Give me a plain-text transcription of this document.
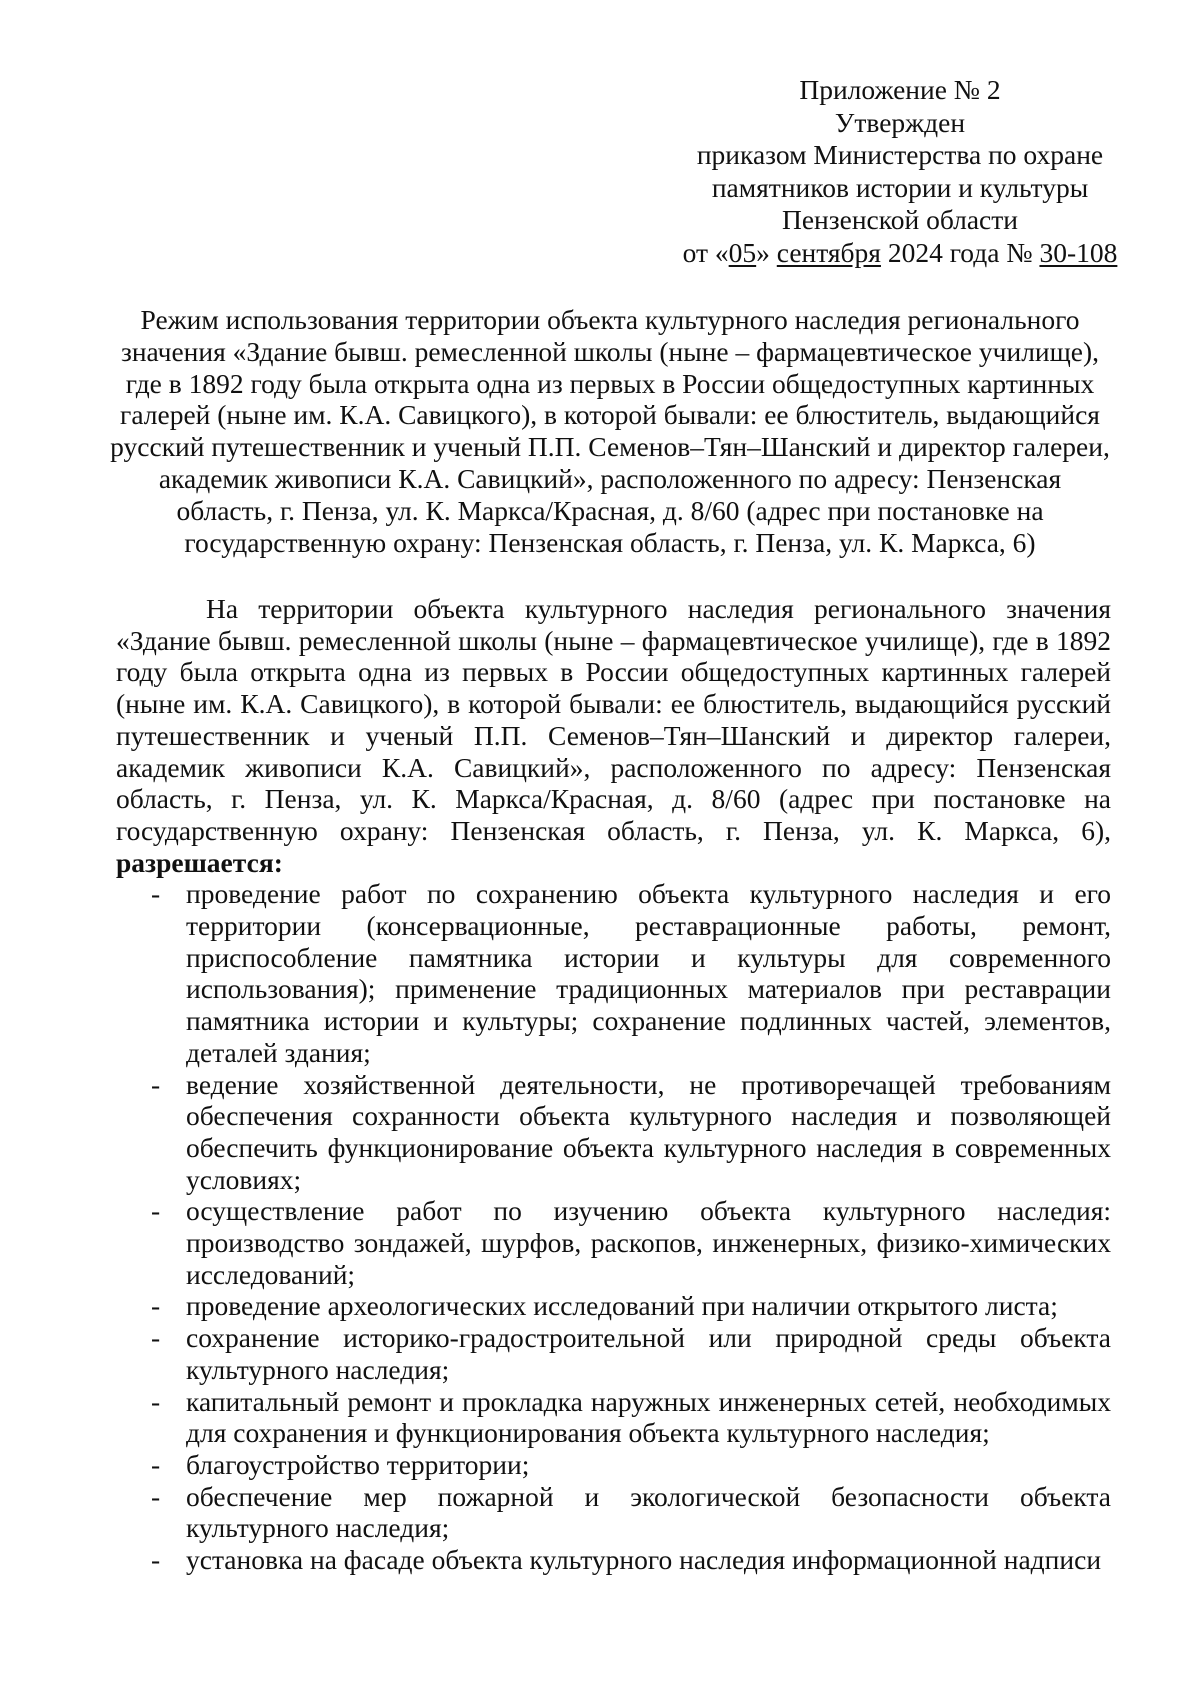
Приложение № 2
Утвержден
приказом Министерства по охране
памятников истории и культуры
Пензенской области
от «05» сентября 2024 года № 30-108
Режим использования территории объекта культурного наследия регионального
значения «Здание бывш. ремесленной школы (ныне – фармацевтическое училище),
где в 1892 году была открыта одна из первых в России общедоступных картинных
галерей (ныне им. К.А. Савицкого), в которой бывали: ее блюститель, выдающийся
русский путешественник и ученый П.П. Семенов–Тян–Шанский и директор галереи,
академик живописи К.А. Савицкий», расположенного по адресу: Пензенская
область, г. Пенза, ул. К. Маркса/Красная, д. 8/60 (адрес при постановке на
государственную охрану: Пензенская область, г. Пенза, ул. К. Маркса, 6)

На территории объекта культурного наследия регионального значения «Здание бывш. ремесленной школы (ныне – фармацевтическое училище), где в 1892 году была открыта одна из первых в России общедоступных картинных галерей (ныне им. К.А. Савицкого), в которой бывали: ее блюститель, выдающийся русский путешественник и ученый П.П. Семенов–Тян–Шанский и директор галереи, академик живописи К.А. Савицкий», расположенного по адресу: Пензенская область, г. Пенза, ул. К. Маркса/Красная, д. 8/60 (адрес при постановке на государственную охрану: Пензенская область, г. Пенза, ул. К. Маркса, 6), разрешается:

- проведение работ по сохранению объекта культурного наследия и его территории (консервационные, реставрационные работы, ремонт, приспособление памятника истории и культуры для современного использования); применение традиционных материалов при реставрации памятника истории и культуры; сохранение подлинных частей, элементов, деталей здания;
- ведение хозяйственной деятельности, не противоречащей требованиям обеспечения сохранности объекта культурного наследия и позволяющей обеспечить функционирование объекта культурного наследия в современных условиях;
- осуществление работ по изучению объекта культурного наследия: производство зондажей, шурфов, раскопов, инженерных, физико-химических исследований;
- проведение археологических исследований при наличии открытого листа;
- сохранение историко-градостроительной или природной среды объекта культурного наследия;
- капитальный ремонт и прокладка наружных инженерных сетей, необходимых для сохранения и функционирования объекта культурного наследия;
- благоустройство территории;
- обеспечение мер пожарной и экологической безопасности объекта культурного наследия;
- установка на фасаде объекта культурного наследия информационной надписи
